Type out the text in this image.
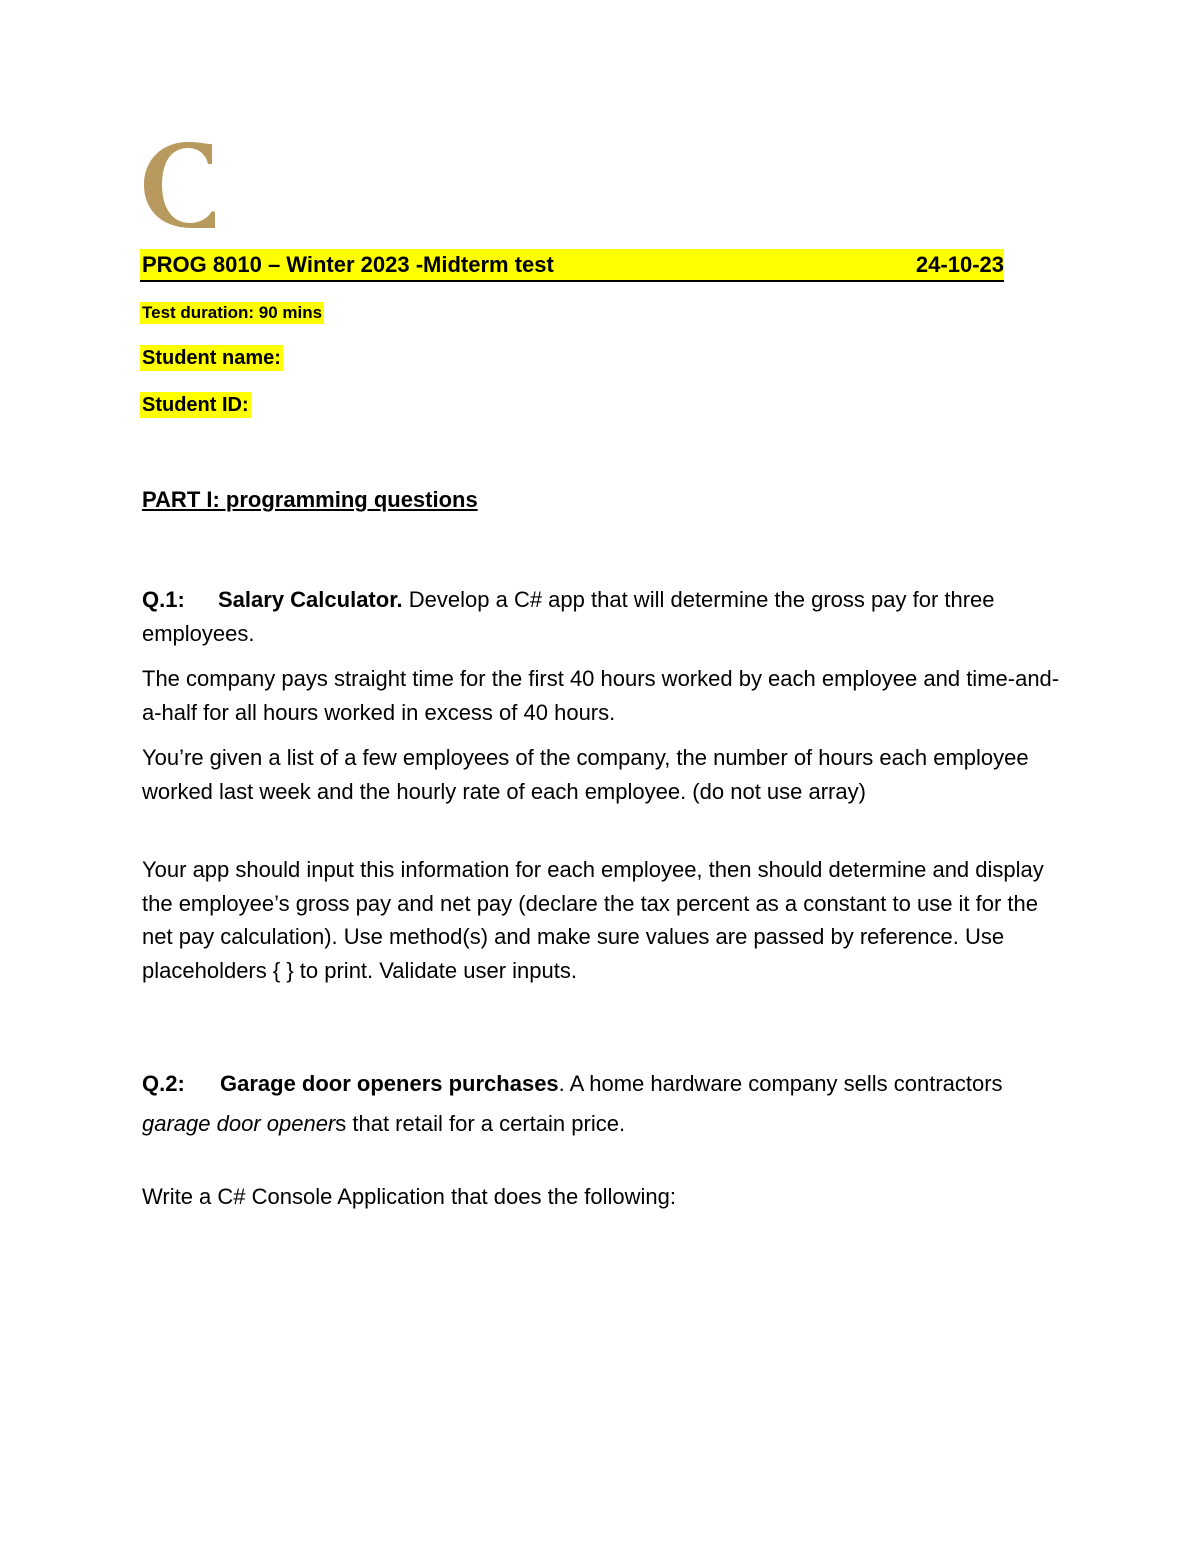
PROG 8010 – Winter 2023 -Midterm test	24-10-23
Test duration: 90 mins
Student name:
Student ID:
PART I: programming questions

Q.1: Salary Calculator. Develop a C# app that will determine the gross pay for three employees.

The company pays straight time for the first 40 hours worked by each employee and time-and-a-half for all hours worked in excess of 40 hours.

You’re given a list of a few employees of the company, the number of hours each employee worked last week and the hourly rate of each employee. (do not use array)

Your app should input this information for each employee, then should determine and display the employee’s gross pay and net pay (declare the tax percent as a constant to use it for the net pay calculation). Use method(s) and make sure values are passed by reference. Use placeholders { } to print. Validate user inputs.

Q.2: Garage door openers purchases. A home hardware company sells contractors garage door openers that retail for a certain price.

Write a C# Console Application that does the following:
